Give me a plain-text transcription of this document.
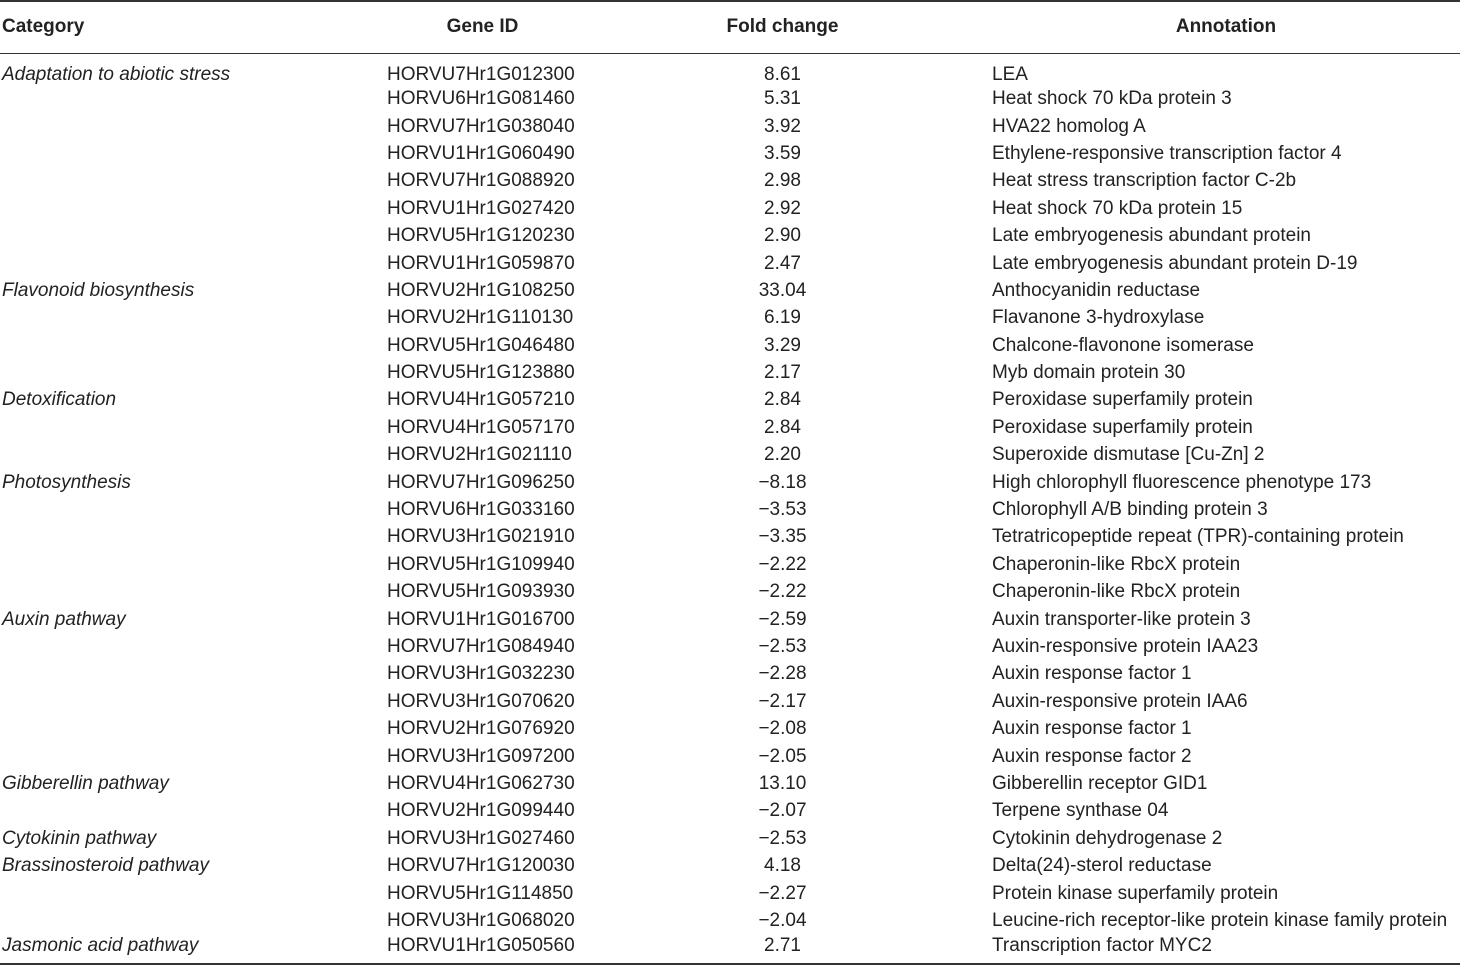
Category	Gene ID	Fold change	Annotation
Adaptation to abiotic stress	HORVU7Hr1G012300	8.61	LEA
	HORVU6Hr1G081460	5.31	Heat shock 70 kDa protein 3
	HORVU7Hr1G038040	3.92	HVA22 homolog A
	HORVU1Hr1G060490	3.59	Ethylene-responsive transcription factor 4
	HORVU7Hr1G088920	2.98	Heat stress transcription factor C-2b
	HORVU1Hr1G027420	2.92	Heat shock 70 kDa protein 15
	HORVU5Hr1G120230	2.90	Late embryogenesis abundant protein
	HORVU1Hr1G059870	2.47	Late embryogenesis abundant protein D-19
Flavonoid biosynthesis	HORVU2Hr1G108250	33.04	Anthocyanidin reductase
	HORVU2Hr1G110130	6.19	Flavanone 3-hydroxylase
	HORVU5Hr1G046480	3.29	Chalcone-flavonone isomerase
	HORVU5Hr1G123880	2.17	Myb domain protein 30
Detoxification	HORVU4Hr1G057210	2.84	Peroxidase superfamily protein
	HORVU4Hr1G057170	2.84	Peroxidase superfamily protein
	HORVU2Hr1G021110	2.20	Superoxide dismutase [Cu-Zn] 2
Photosynthesis	HORVU7Hr1G096250	−8.18	High chlorophyll fluorescence phenotype 173
	HORVU6Hr1G033160	−3.53	Chlorophyll A/B binding protein 3
	HORVU3Hr1G021910	−3.35	Tetratricopeptide repeat (TPR)-containing protein
	HORVU5Hr1G109940	−2.22	Chaperonin-like RbcX protein
	HORVU5Hr1G093930	−2.22	Chaperonin-like RbcX protein
Auxin pathway	HORVU1Hr1G016700	−2.59	Auxin transporter-like protein 3
	HORVU7Hr1G084940	−2.53	Auxin-responsive protein IAA23
	HORVU3Hr1G032230	−2.28	Auxin response factor 1
	HORVU3Hr1G070620	−2.17	Auxin-responsive protein IAA6
	HORVU2Hr1G076920	−2.08	Auxin response factor 1
	HORVU3Hr1G097200	−2.05	Auxin response factor 2
Gibberellin pathway	HORVU4Hr1G062730	13.10	Gibberellin receptor GID1
	HORVU2Hr1G099440	−2.07	Terpene synthase 04
Cytokinin pathway	HORVU3Hr1G027460	−2.53	Cytokinin dehydrogenase 2
Brassinosteroid pathway	HORVU7Hr1G120030	4.18	Delta(24)-sterol reductase
	HORVU5Hr1G114850	−2.27	Protein kinase superfamily protein
	HORVU3Hr1G068020	−2.04	Leucine-rich receptor-like protein kinase family protein
Jasmonic acid pathway	HORVU1Hr1G050560	2.71	Transcription factor MYC2
